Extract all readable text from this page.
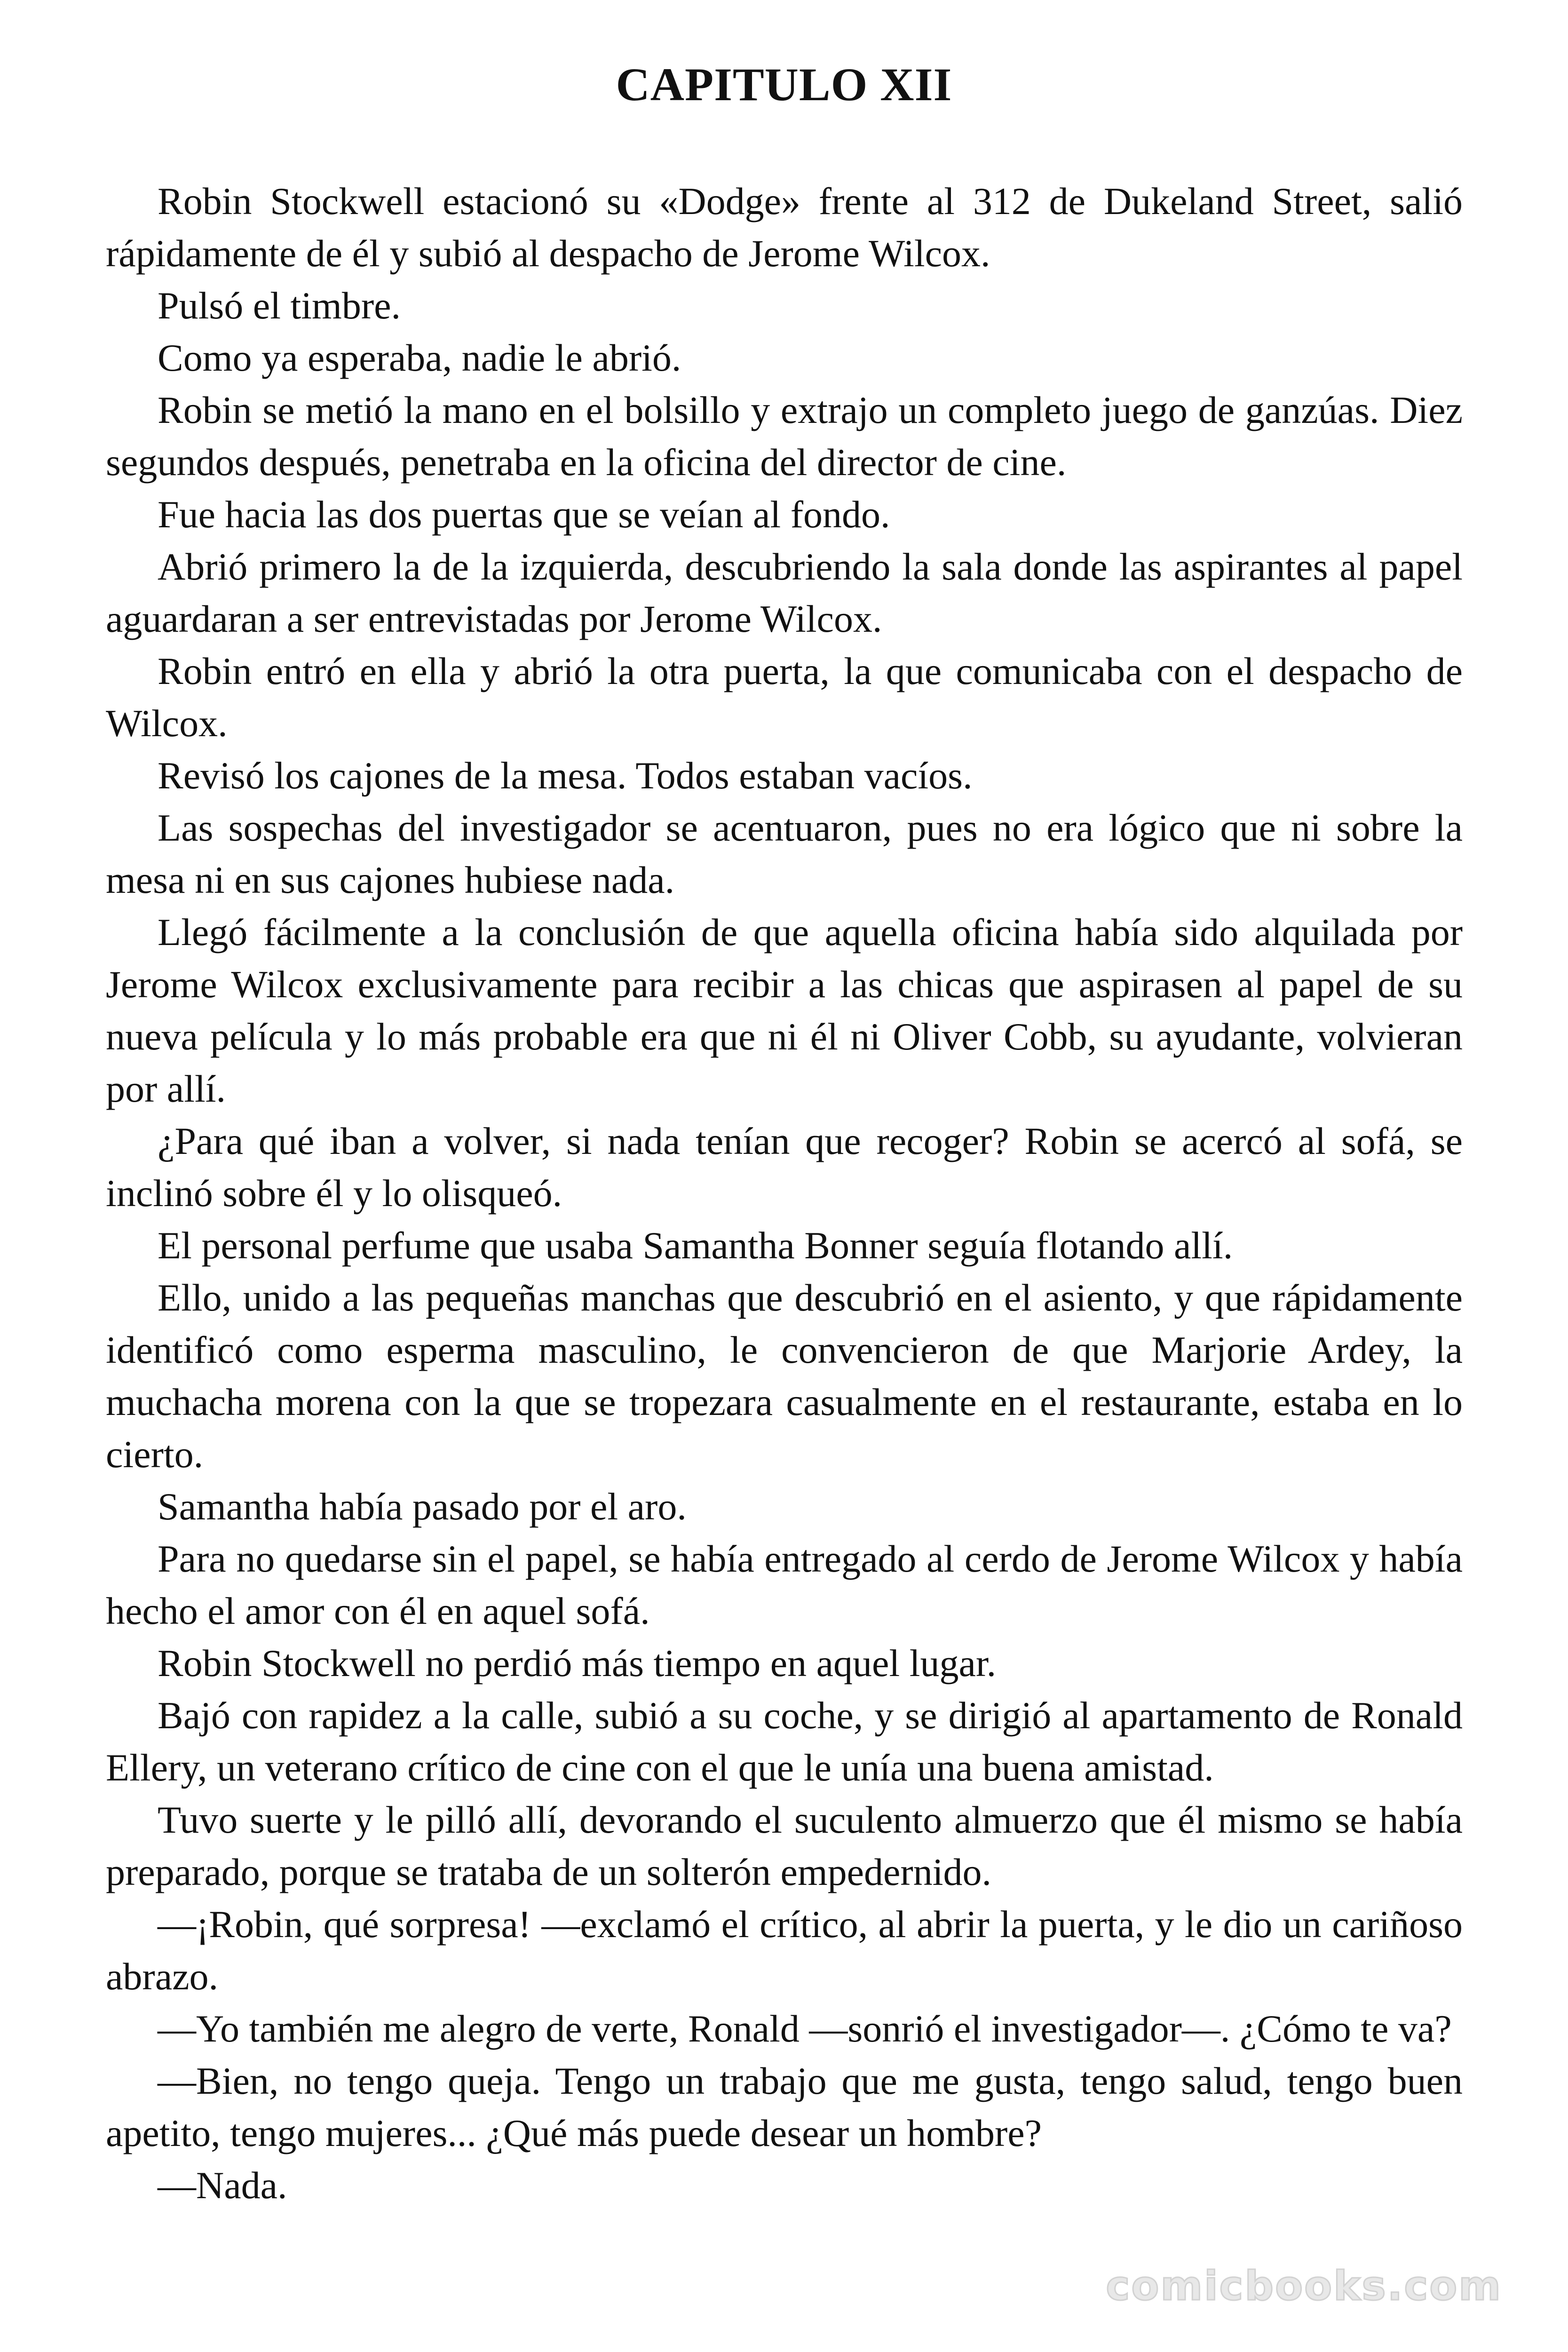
CAPITULO XII

Robin Stockwell estacionó su «Dodge» frente al 312 de Dukeland Street, salió rápidamente de él y subió al despacho de Jerome Wilcox.

Pulsó el timbre.

Como ya esperaba, nadie le abrió.

Robin se metió la mano en el bolsillo y extrajo un completo juego de ganzúas. Diez segundos después, penetraba en la oficina del director de cine.

Fue hacia las dos puertas que se veían al fondo.

Abrió primero la de la izquierda, descubriendo la sala donde las aspirantes al papel aguardaran a ser entrevistadas por Jerome Wilcox.

Robin entró en ella y abrió la otra puerta, la que comunicaba con el despacho de Wilcox.

Revisó los cajones de la mesa. Todos estaban vacíos.

Las sospechas del investigador se acentuaron, pues no era lógico que ni sobre la mesa ni en sus cajones hubiese nada.

Llegó fácilmente a la conclusión de que aquella oficina había sido alquilada por Jerome Wilcox exclusivamente para recibir a las chicas que aspirasen al papel de su nueva película y lo más probable era que ni él ni Oliver Cobb, su ayudante, volvieran por allí.

¿Para qué iban a volver, si nada tenían que recoger? Robin se acercó al sofá, se inclinó sobre él y lo olisqueó.

El personal perfume que usaba Samantha Bonner seguía flotando allí.

Ello, unido a las pequeñas manchas que descubrió en el asiento, y que rápidamente identificó como esperma masculino, le convencieron de que Marjorie Ardey, la muchacha morena con la que se tropezara casualmente en el restaurante, estaba en lo cierto.

Samantha había pasado por el aro.

Para no quedarse sin el papel, se había entregado al cerdo de Jerome Wilcox y había hecho el amor con él en aquel sofá.

Robin Stockwell no perdió más tiempo en aquel lugar.

Bajó con rapidez a la calle, subió a su coche, y se dirigió al apartamento de Ronald Ellery, un veterano crítico de cine con el que le unía una buena amistad.

Tuvo suerte y le pilló allí, devorando el suculento almuerzo que él mismo se había preparado, porque se trataba de un solterón empedernido.

—¡Robin, qué sorpresa! —exclamó el crítico, al abrir la puerta, y le dio un cariñoso abrazo.

—Yo también me alegro de verte, Ronald —sonrió el investigador—. ¿Cómo te va?

—Bien, no tengo queja. Tengo un trabajo que me gusta, tengo salud, tengo buen apetito, tengo mujeres... ¿Qué más puede desear un hombre?

—Nada.

comicbooks.com
